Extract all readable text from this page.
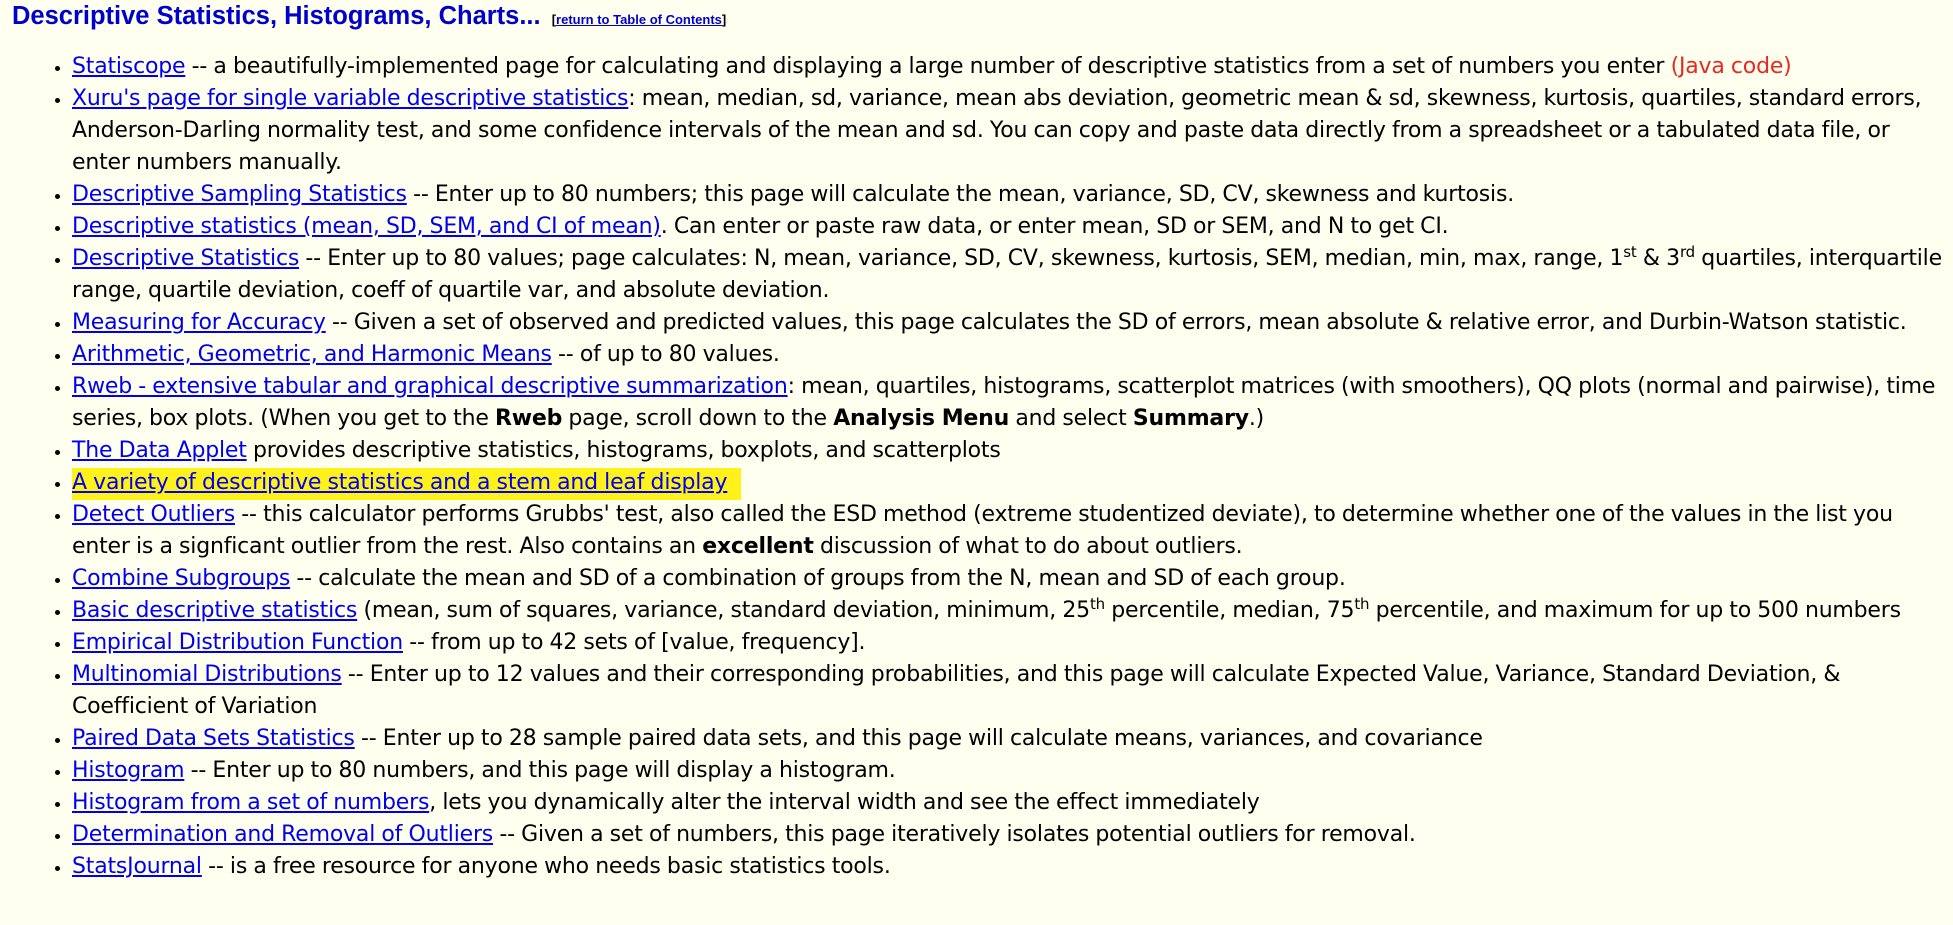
Descriptive Statistics, Histograms, Charts... [return to Table of Contents]
• Statiscope -- a beautifully-implemented page for calculating and displaying a large number of descriptive statistics from a set of numbers you enter (Java code)
• Xuru's page for single variable descriptive statistics: mean, median, sd, variance, mean abs deviation, geometric mean & sd, skewness, kurtosis, quartiles, standard errors, Anderson-Darling normality test, and some confidence intervals of the mean and sd. You can copy and paste data directly from a spreadsheet or a tabulated data file, or enter numbers manually.
• Descriptive Sampling Statistics -- Enter up to 80 numbers; this page will calculate the mean, variance, SD, CV, skewness and kurtosis.
• Descriptive statistics (mean, SD, SEM, and CI of mean). Can enter or paste raw data, or enter mean, SD or SEM, and N to get CI.
• Descriptive Statistics -- Enter up to 80 values; page calculates: N, mean, variance, SD, CV, skewness, kurtosis, SEM, median, min, max, range, 1st & 3rd quartiles, interquartile range, quartile deviation, coeff of quartile var, and absolute deviation.
• Measuring for Accuracy -- Given a set of observed and predicted values, this page calculates the SD of errors, mean absolute & relative error, and Durbin-Watson statistic.
• Arithmetic, Geometric, and Harmonic Means -- of up to 80 values.
• Rweb - extensive tabular and graphical descriptive summarization: mean, quartiles, histograms, scatterplot matrices (with smoothers), QQ plots (normal and pairwise), time series, box plots. (When you get to the Rweb page, scroll down to the Analysis Menu and select Summary.)
• The Data Applet provides descriptive statistics, histograms, boxplots, and scatterplots
• A variety of descriptive statistics and a stem and leaf display
• Detect Outliers -- this calculator performs Grubbs' test, also called the ESD method (extreme studentized deviate), to determine whether one of the values in the list you enter is a signficant outlier from the rest. Also contains an excellent discussion of what to do about outliers.
• Combine Subgroups -- calculate the mean and SD of a combination of groups from the N, mean and SD of each group.
• Basic descriptive statistics (mean, sum of squares, variance, standard deviation, minimum, 25th percentile, median, 75th percentile, and maximum for up to 500 numbers
• Empirical Distribution Function -- from up to 42 sets of [value, frequency].
• Multinomial Distributions -- Enter up to 12 values and their corresponding probabilities, and this page will calculate Expected Value, Variance, Standard Deviation, & Coefficient of Variation
• Paired Data Sets Statistics -- Enter up to 28 sample paired data sets, and this page will calculate means, variances, and covariance
• Histogram -- Enter up to 80 numbers, and this page will display a histogram.
• Histogram from a set of numbers, lets you dynamically alter the interval width and see the effect immediately
• Determination and Removal of Outliers -- Given a set of numbers, this page iteratively isolates potential outliers for removal.
• StatsJournal -- is a free resource for anyone who needs basic statistics tools.
